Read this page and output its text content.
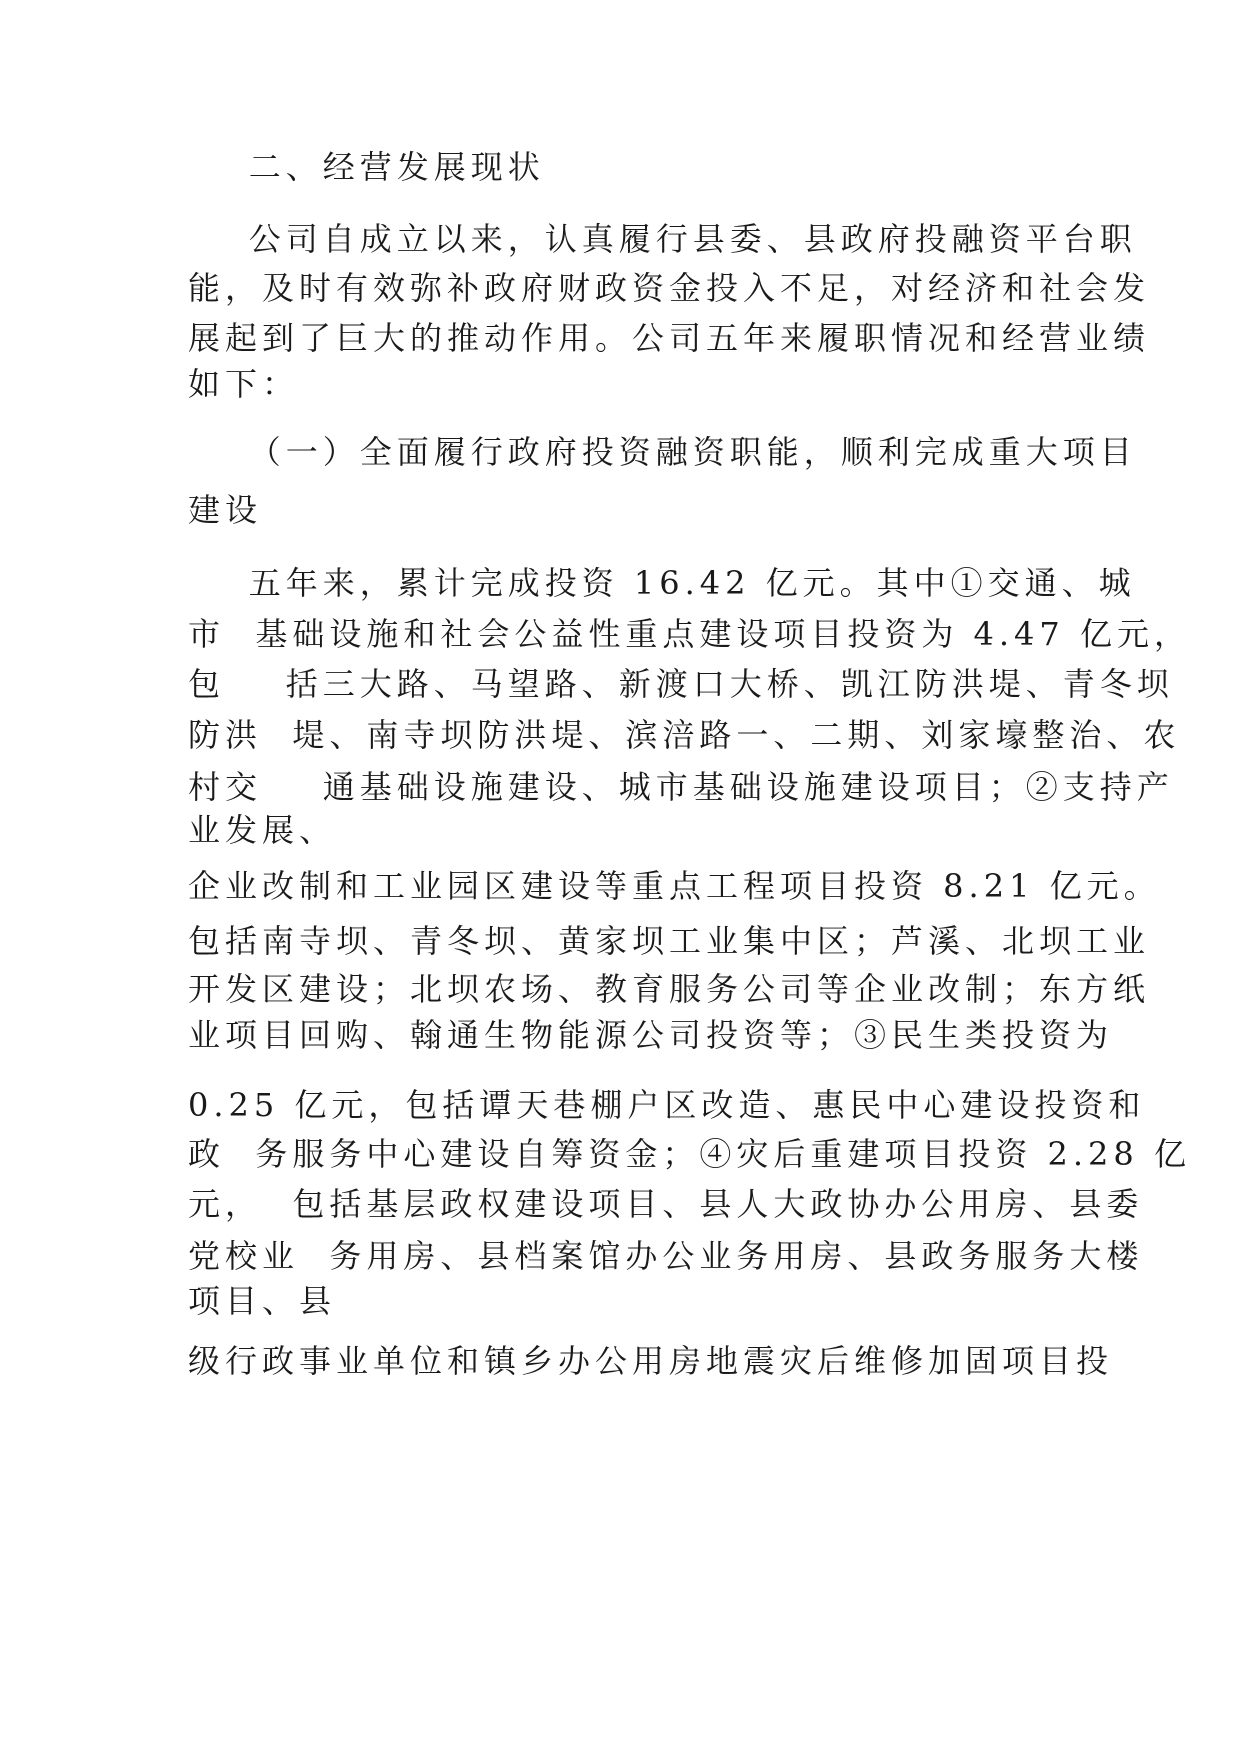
二、经营发展现状
公司自成立以来，认真履行县委、县政府投融资平台职
能，及时有效弥补政府财政资金投入不足，对经济和社会发
展起到了巨大的推动作用。公司五年来履职情况和经营业绩
如下：
（一）全面履行政府投资融资职能，顺利完成重大项目
建设
五年来，累计完成投资 16.42 亿元。其中①交通、城
市  基础设施和社会公益性重点建设项目投资为 4.47 亿元，
包    括三大路、马望路、新渡口大桥、凯江防洪堤、青冬坝
防洪  堤、南寺坝防洪堤、滨涪路一、二期、刘家壕整治、农
村交    通基础设施建设、城市基础设施建设项目；②支持产
业发展、
企业改制和工业园区建设等重点工程项目投资 8.21 亿元。
包括南寺坝、青冬坝、黄家坝工业集中区；芦溪、北坝工业
开发区建设；北坝农场、教育服务公司等企业改制；东方纸
业项目回购、翰通生物能源公司投资等；③民生类投资为
0.25 亿元，包括谭天巷棚户区改造、惠民中心建设投资和
政  务服务中心建设自筹资金；④灾后重建项目投资 2.28 亿
元，  包括基层政权建设项目、县人大政协办公用房、县委
党校业  务用房、县档案馆办公业务用房、县政务服务大楼
项目、县
级行政事业单位和镇乡办公用房地震灾后维修加固项目投
